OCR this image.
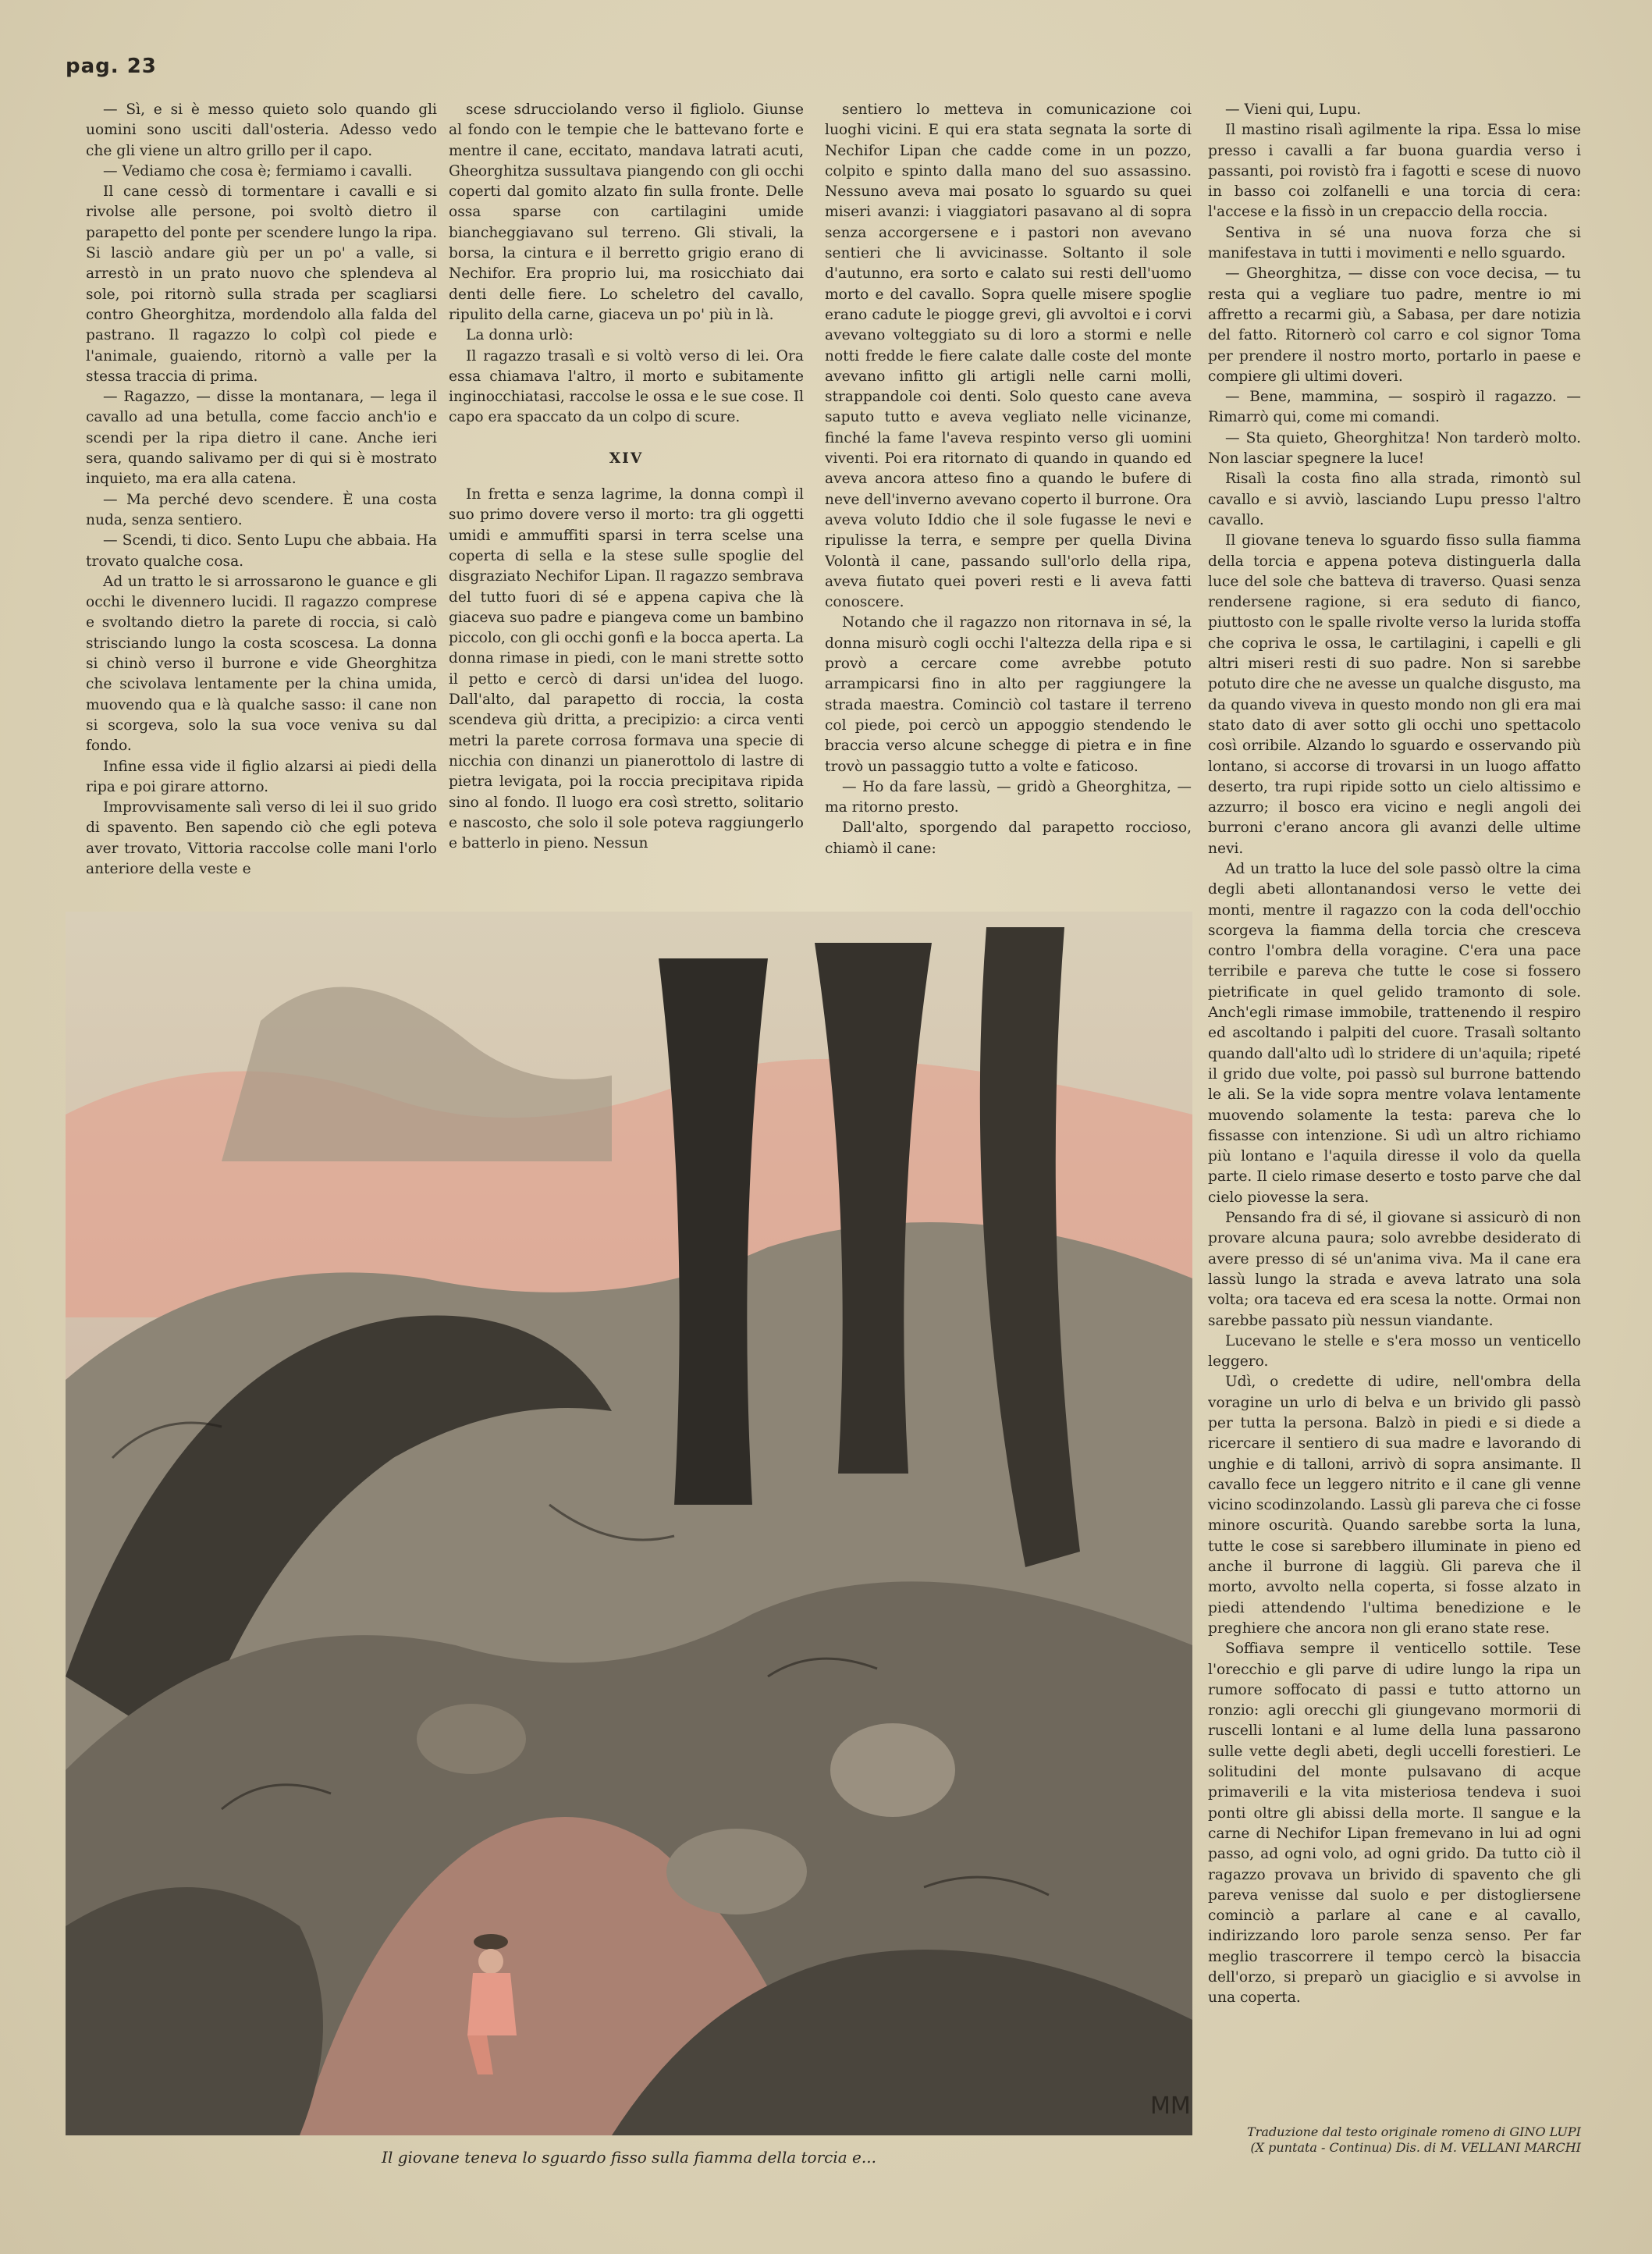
pag. 23

— Sì, e si è messo quieto solo quando gli uomini sono usciti dall'osteria. Adesso vedo che gli viene un altro grillo per il capo.

— Vediamo che cosa è; fermiamo i cavalli.

Il cane cessò di tormentare i cavalli e si rivolse alle persone, poi svoltò dietro il parapetto del ponte per scendere lungo la ripa. Si lasciò andare giù per un po' a valle, si arrestò in un prato nuovo che splendeva al sole, poi ritornò sulla strada per scagliarsi contro Gheorghitza, mordendolo alla falda del pastrano. Il ragazzo lo colpì col piede e l'animale, guaiendo, ritornò a valle per la stessa traccia di prima.

— Ragazzo, — disse la montanara, — lega il cavallo ad una betulla, come faccio anch'io e scendi per la ripa dietro il cane. Anche ieri sera, quando salivamo per di qui si è mostrato inquieto, ma era alla catena.

— Ma perché devo scendere. È una costa nuda, senza sentiero.

— Scendi, ti dico. Sento Lupu che abbaia. Ha trovato qualche cosa.

Ad un tratto le si arrossarono le guance e gli occhi le divennero lucidi. Il ragazzo comprese e svoltando dietro la parete di roccia, si calò strisciando lungo la costa scoscesa. La donna si chinò verso il burrone e vide Gheorghitza che scivolava lentamente per la china umida, muovendo qua e là qualche sasso: il cane non si scorgeva, solo la sua voce veniva su dal fondo.

Infine essa vide il figlio alzarsi ai piedi della ripa e poi girare attorno.

Improvvisamente salì verso di lei il suo grido di spavento. Ben sapendo ciò che egli poteva aver trovato, Vittoria raccolse colle mani l'orlo anteriore della veste e

scese sdrucciolando verso il figliolo. Giunse al fondo con le tempie che le battevano forte e mentre il cane, eccitato, mandava latrati acuti, Gheorghitza sussultava piangendo con gli occhi coperti dal gomito alzato fin sulla fronte. Delle ossa sparse con cartilagini umide biancheggiavano sul terreno. Gli stivali, la borsa, la cintura e il berretto grigio erano di Nechifor. Era proprio lui, ma rosicchiato dai denti delle fiere. Lo scheletro del cavallo, ripulito della carne, giaceva un po' più in là.

La donna urlò:

Il ragazzo trasalì e si voltò verso di lei. Ora essa chiamava l'altro, il morto e subitamente inginocchiatasi, raccolse le ossa e le sue cose. Il capo era spaccato da un colpo di scure.

XIV

In fretta e senza lagrime, la donna compì il suo primo dovere verso il morto: tra gli oggetti umidi e ammuffiti sparsi in terra scelse una coperta di sella e la stese sulle spoglie del disgraziato Nechifor Lipan. Il ragazzo sembrava del tutto fuori di sé e appena capiva che là giaceva suo padre e piangeva come un bambino piccolo, con gli occhi gonfi e la bocca aperta. La donna rimase in piedi, con le mani strette sotto il petto e cercò di darsi un'idea del luogo. Dall'alto, dal parapetto di roccia, la costa scendeva giù dritta, a precipizio: a circa venti metri la parete corrosa formava una specie di nicchia con dinanzi un pianerottolo di lastre di pietra levigata, poi la roccia precipitava ripida sino al fondo. Il luogo era così stretto, solitario e nascosto, che solo il sole poteva raggiungerlo e batterlo in pieno. Nessun

sentiero lo metteva in comunicazione coi luoghi vicini. E qui era stata segnata la sorte di Nechifor Lipan che cadde come in un pozzo, colpito e spinto dalla mano del suo assassino. Nessuno aveva mai posato lo sguardo su quei miseri avanzi: i viaggiatori pasavano al di sopra senza accorgersene e i pastori non avevano sentieri che li avvicinasse. Soltanto il sole d'autunno, era sorto e calato sui resti dell'uomo morto e del cavallo. Sopra quelle misere spoglie erano cadute le piogge grevi, gli avvoltoi e i corvi avevano volteggiato su di loro a stormi e nelle notti fredde le fiere calate dalle coste del monte avevano infitto gli artigli nelle carni molli, strappandole coi denti. Solo questo cane aveva saputo tutto e aveva vegliato nelle vicinanze, finché la fame l'aveva respinto verso gli uomini viventi. Poi era ritornato di quando in quando ed aveva ancora atteso fino a quando le bufere di neve dell'inverno avevano coperto il burrone. Ora aveva voluto Iddio che il sole fugasse le nevi e ripulisse la terra, e sempre per quella Divina Volontà il cane, passando sull'orlo della ripa, aveva fiutato quei poveri resti e li aveva fatti conoscere.

Notando che il ragazzo non ritornava in sé, la donna misurò cogli occhi l'altezza della ripa e si provò a cercare come avrebbe potuto arrampicarsi fino in alto per raggiungere la strada maestra. Cominciò col tastare il terreno col piede, poi cercò un appoggio stendendo le braccia verso alcune schegge di pietra e in fine trovò un passaggio tutto a volte e faticoso.

— Ho da fare lassù, — gridò a Gheorghitza, — ma ritorno presto.

Dall'alto, sporgendo dal parapetto roccioso, chiamò il cane:

— Vieni qui, Lupu.

Il mastino risalì agilmente la ripa. Essa lo mise presso i cavalli a far buona guardia verso i passanti, poi rovistò fra i fagotti e scese di nuovo in basso coi zolfanelli e una torcia di cera: l'accese e la fissò in un crepaccio della roccia.

Sentiva in sé una nuova forza che si manifestava in tutti i movimenti e nello sguardo.

— Gheorghitza, — disse con voce decisa, — tu resta qui a vegliare tuo padre, mentre io mi affretto a recarmi giù, a Sabasa, per dare notizia del fatto. Ritornerò col carro e col signor Toma per prendere il nostro morto, portarlo in paese e compiere gli ultimi doveri.

— Bene, mammina, — sospirò il ragazzo. — Rimarrò qui, come mi comandi.

— Sta quieto, Gheorghitza! Non tarderò molto. Non lasciar spegnere la luce!

Risalì la costa fino alla strada, rimontò sul cavallo e si avviò, lasciando Lupu presso l'altro cavallo.

Il giovane teneva lo sguardo fisso sulla fiamma della torcia e appena poteva distinguerla dalla luce del sole che batteva di traverso. Quasi senza rendersene ragione, si era seduto di fianco, piuttosto con le spalle rivolte verso la lurida stoffa che copriva le ossa, le cartilagini, i capelli e gli altri miseri resti di suo padre. Non si sarebbe potuto dire che ne avesse un qualche disgusto, ma da quando viveva in questo mondo non gli era mai stato dato di aver sotto gli occhi uno spettacolo così orribile. Alzando lo sguardo e osservando più lontano, si accorse di trovarsi in un luogo affatto deserto, tra rupi ripide sotto un cielo altissimo e azzurro; il bosco era vicino e negli angoli dei burroni c'erano ancora gli avanzi delle ultime nevi.

Ad un tratto la luce del sole passò oltre la cima degli abeti allontanandosi verso le vette dei monti, mentre il ragazzo con la coda dell'occhio scorgeva la fiamma della torcia che cresceva contro l'ombra della voragine. C'era una pace terribile e pareva che tutte le cose si fossero pietrificate in quel gelido tramonto di sole. Anch'egli rimase immobile, trattenendo il respiro ed ascoltando i palpiti del cuore. Trasalì soltanto quando dall'alto udì lo stridere di un'aquila; ripeté il grido due volte, poi passò sul burrone battendo le ali. Se la vide sopra mentre volava lentamente muovendo solamente la testa: pareva che lo fissasse con intenzione. Si udì un altro richiamo più lontano e l'aquila diresse il volo da quella parte. Il cielo rimase deserto e tosto parve che dal cielo piovesse la sera.

Pensando fra di sé, il giovane si assicurò di non provare alcuna paura; solo avrebbe desiderato di avere presso di sé un'anima viva. Ma il cane era lassù lungo la strada e aveva latrato una sola volta; ora taceva ed era scesa la notte. Ormai non sarebbe passato più nessun viandante.

Lucevano le stelle e s'era mosso un venticello leggero.

Udì, o credette di udire, nell'ombra della voragine un urlo di belva e un brivido gli passò per tutta la persona. Balzò in piedi e si diede a ricercare il sentiero di sua madre e lavorando di unghie e di talloni, arrivò di sopra ansimante. Il cavallo fece un leggero nitrito e il cane gli venne vicino scodinzolando. Lassù gli pareva che ci fosse minore oscurità. Quando sarebbe sorta la luna, tutte le cose si sarebbero illuminate in pieno ed anche il burrone di laggiù. Gli pareva che il morto, avvolto nella coperta, si fosse alzato in piedi attendendo l'ultima benedizione e le preghiere che ancora non gli erano state rese.

Soffiava sempre il venticello sottile. Tese l'orecchio e gli parve di udire lungo la ripa un rumore soffocato di passi e tutto attorno un ronzio: agli orecchi gli giungevano mormorii di ruscelli lontani e al lume della luna passarono sulle vette degli abeti, degli uccelli forestieri. Le solitudini del monte pulsavano di acque primaverili e la vita misteriosa tendeva i suoi ponti oltre gli abissi della morte. Il sangue e la carne di Nechifor Lipan fremevano in lui ad ogni passo, ad ogni volo, ad ogni grido. Da tutto ciò il ragazzo provava un brivido di spavento che gli pareva venisse dal suolo e per distogliersene cominciò a parlare al cane e al cavallo, indirizzando loro parole senza senso. Per far meglio trascorrere il tempo cercò la bisaccia dell'orzo, si preparò un giaciglio e si avvolse in una coperta.

MM
Il giovane teneva lo sguardo fisso sulla fiamma della torcia e...
Traduzione dal testo originale romeno di GINO LUPI
(X puntata - Continua) Dis. di M. VELLANI MARCHI
